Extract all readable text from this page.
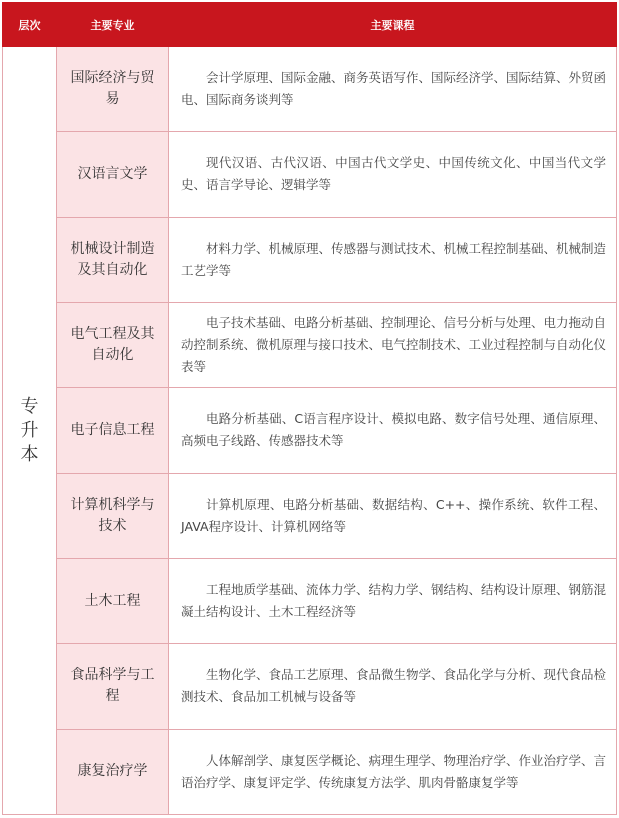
层次	主要专业	主要课程

专
升
本	国际经济与贸易	会计学原理、国际金融、商务英语写作、国际经济学、国际结算、外贸函电、国际商务谈判等
	汉语言文学	现代汉语、古代汉语、中国古代文学史、中国传统文化、中国当代文学史、语言学导论、逻辑学等
	机械设计制造及其自动化	材料力学、机械原理、传感器与测试技术、机械工程控制基础、机械制造工艺学等
	电气工程及其自动化	电子技术基础、电路分析基础、控制理论、信号分析与处理、电力拖动自动控制系统、微机原理与接口技术、电气控制技术、工业过程控制与自动化仪表等
	电子信息工程	电路分析基础、C语言程序设计、模拟电路、数字信号处理、通信原理、高频电子线路、传感器技术等
	计算机科学与技术	计算机原理、电路分析基础、数据结构、C++、操作系统、软件工程、JAVA程序设计、计算机网络等
	土木工程	工程地质学基础、流体力学、结构力学、钢结构、结构设计原理、钢筋混凝土结构设计、土木工程经济等
	食品科学与工程	生物化学、食品工艺原理、食品微生物学、食品化学与分析、现代食品检测技术、食品加工机械与设备等
	康复治疗学	人体解剖学、康复医学概论、病理生理学、物理治疗学、作业治疗学、言语治疗学、康复评定学、传统康复方法学、肌肉骨骼康复学等
